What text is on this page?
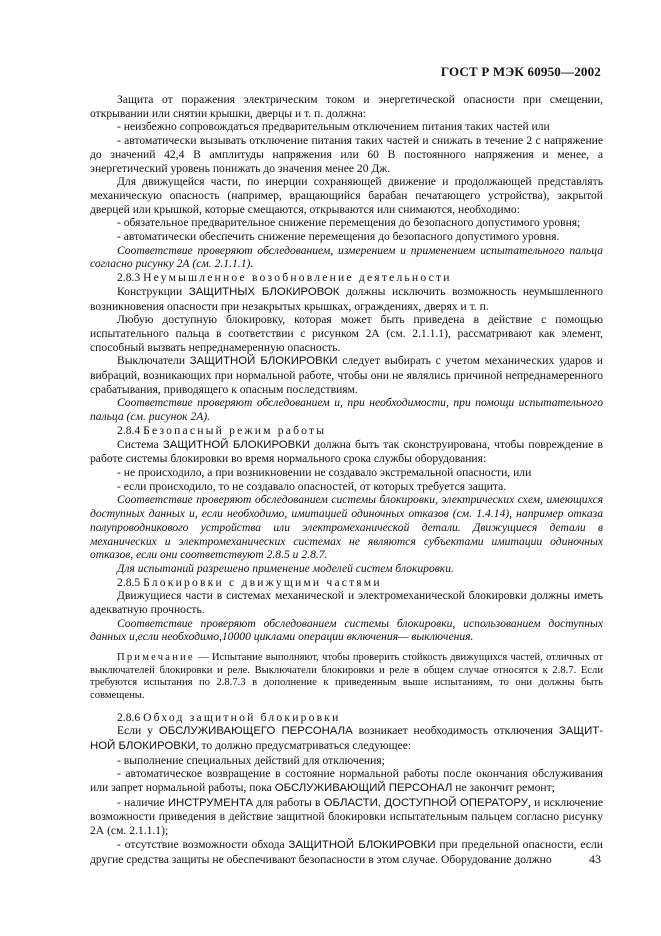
ГОСТ Р МЭК 60950—2002

Защита от поражения электрическим током и энергетической опасности при смещении, открывании или снятии крышки, дверцы и т. п. должна:

- неизбежно сопровождаться предварительным отключением питания таких частей или

- автоматически вызывать отключение питания таких частей и снижать в течение 2 с напряжение до значений 42,4 В амплитуды напряжения или 60 В постоянного напряжения и менее, а энергетический уровень понижать до значения менее 20 Дж.

Для движущейся части, по инерции сохраняющей движение и продолжающей представлять механическую опасность (например, вращающийся барабан печатающего устройства), закрытой дверцей или крышкой, которые смещаются, открываются или снимаются, необходимо:

- обязательное предварительное снижение перемещения до безопасного допустимого уровня;

- автоматически обеспечить снижение перемещения до безопасного допустимого уровня.

Соответствие проверяют обследованием, измерением и применением испытательного пальца согласно рисунку 2А (см. 2.1.1.1).

2.8.3 Неумышленное возобновление деятельности

Конструкции ЗАЩИТНЫХ БЛОКИРОВОК должны исключить возможность неумышленного возникновения опасности при незакрытых крышках, ограждениях, дверях и т. п.

Любую доступную блокировку, которая может быть приведена в действие с помощью испытательного пальца в соответствии с рисунком 2А (см. 2.1.1.1), рассматривают как элемент, способный вызвать непреднамеренную опасность.

Выключатели ЗАЩИТНОЙ БЛОКИРОВКИ следует выбирать с учетом механических ударов и вибраций, возникающих при нормальной работе, чтобы они не являлись причиной непреднамеренного срабатывания, приводящего к опасным последствиям.

Соответствие проверяют обследованием и, при необходимости, при помощи испытательного пальца (см. рисунок 2А).

2.8.4 Безопасный режим работы

Система ЗАЩИТНОЙ БЛОКИРОВКИ должна быть так сконструирована, чтобы повреждение в работе системы блокировки во время нормального срока службы оборудования:

- не происходило, а при возникновении не создавало экстремальной опасности, или

- если происходило, то не создавало опасностей, от которых требуется защита.

Соответствие проверяют обследованием системы блокировки, электрических схем, имеющихся доступных данных и, если необходимо, имитацией одиночных отказов (см. 1.4.14), например отказа полупроводникового устройства или электромеханической детали. Движущиеся детали в механических и электромеханических системах не являются субъектами имитации одиночных отказов, если они соответствуют 2.8.5 и 2.8.7.

Для испытаний разрешено применение моделей систем блокировки.

2.8.5 Блокировки с движущими частями

Движущиеся части в системах механической и электромеханической блокировки должны иметь адекватную прочность.

Соответствие проверяют обследованием системы блокировки, использованием доступных данных и,если необходимо,10000 циклами операции включения— выключения.

Примечание — Испытание выполняют, чтобы проверить стойкость движущихся частей, отличных от выключателей блокировки и реле. Выключатели блокировки и реле в общем случае относятся к 2.8.7. Если требуются испытания по 2.8.7.3 в дополнение к приведенным выше испытаниям, то они должны быть совмещены.

2.8.6 Обход защитной блокировки

Если у ОБСЛУЖИВАЮЩЕГО ПЕРСОНАЛА возникает необходимость отключения ЗАЩИТ-НОЙ БЛОКИРОВКИ, то должно предусматриваться следующее:

- выполнение специальных действий для отключения;

- автоматическое возвращение в состояние нормальной работы после окончания обслуживания или запрет нормальной работы, пока ОБСЛУЖИВАЮЩИЙ ПЕРСОНАЛ не закончит ремонт;

- наличие ИНСТРУМЕНТА для работы в ОБЛАСТИ, ДОСТУПНОЙ ОПЕРАТОРУ, и исключение возможности приведения в действие защитной блокировки испытательным пальцем согласно рисунку 2А (см. 2.1.1.1);

- отсутствие возможности обхода ЗАЩИТНОЙ БЛОКИРОВКИ при предельной опасности, если другие средства защиты не обеспечивают безопасности в этом случае. Оборудование должно	43
